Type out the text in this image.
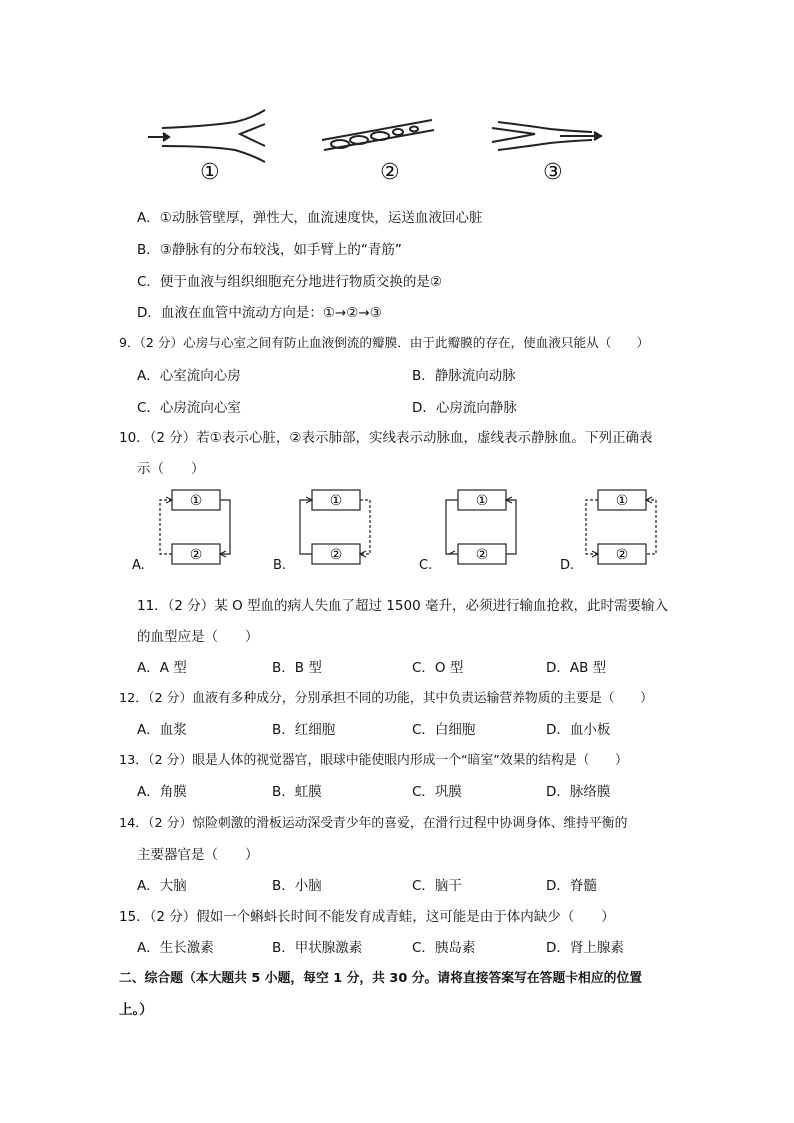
①	②	③
A．①动脉管壁厚，弹性大，血流速度快，运送血液回心脏
B．③静脉有的分布较浅，如手臂上的“青筋”
C．便于血液与组织细胞充分地进行物质交换的是②
D．血液在血管中流动方向是：①→②→③
9．（2 分）心房与心室之间有防止血液倒流的瓣膜．由于此瓣膜的存在，使血液只能从（　　）
A．心室流向心房	B．静脉流向动脉
C．心房流向心室	D．心房流向静脉
10．（2 分）若①表示心脏，②表示肺部，实线表示动脉血，虚线表示静脉血。下列正确表
示（　　）
①
②
A.
①
②
B.
①
②
C.
①
②
D.
11．（2 分）某 O 型血的病人失血了超过 1500 毫升，必须进行输血抢救，此时需要输入
的血型应是（　　）
A．A 型	B．B 型	C．O 型	D．AB 型
12．（2 分）血液有多种成分，分别承担不同的功能，其中负责运输营养物质的主要是（　　）
A．血浆	B．红细胞	C．白细胞	D．血小板
13．（2 分）眼是人体的视觉器官，眼球中能使眼内形成一个“暗室”效果的结构是（　　）
A．角膜	B．虹膜	C．巩膜	D．脉络膜
14．（2 分）惊险刺激的滑板运动深受青少年的喜爱，在滑行过程中协调身体、维持平衡的
主要器官是（　　）
A．大脑	B．小脑	C．脑干	D．脊髓
15．（2 分）假如一个蝌蚪长时间不能发育成青蛙，这可能是由于体内缺少（　　）
A．生长激素	B．甲状腺激素	C．胰岛素	D．肾上腺素
二、综合题（本大题共 5 小题，每空 1 分，共 30 分。请将直接答案写在答题卡相应的位置
上。）
